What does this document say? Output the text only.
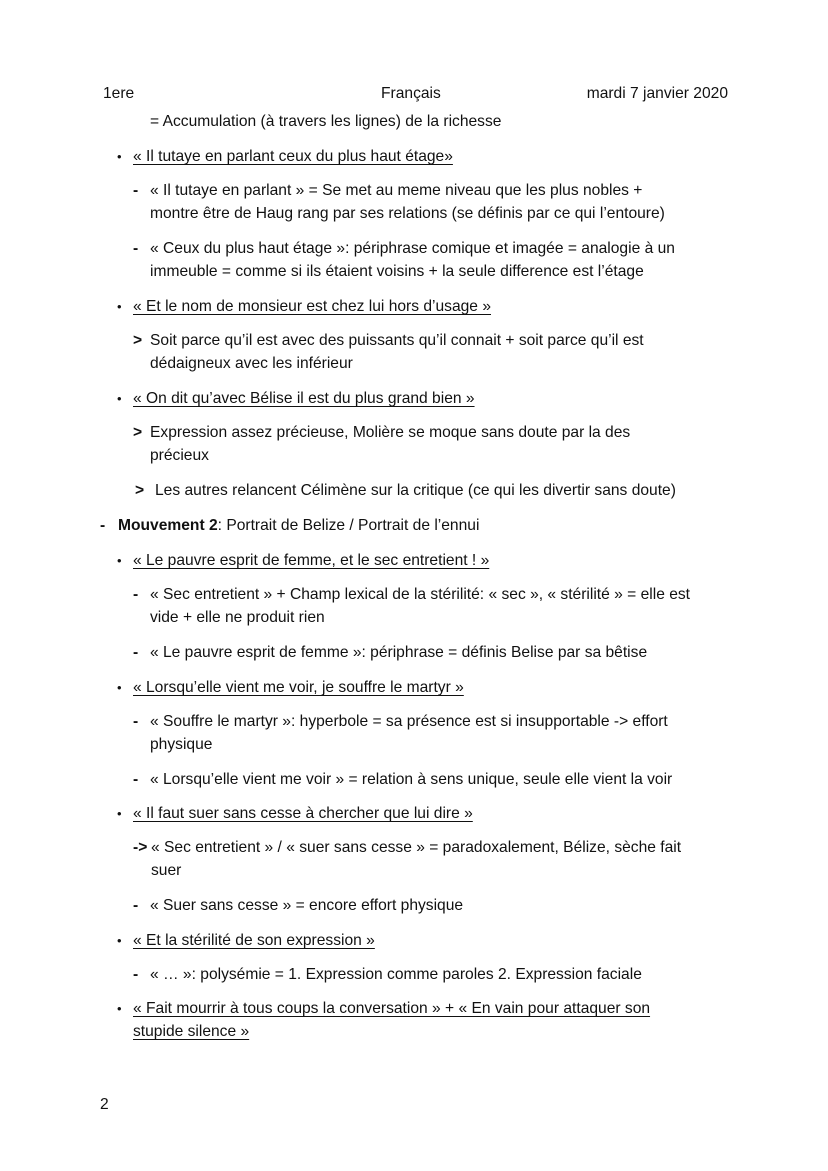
1ere	Français	mardi 7 janvier 2020
= Accumulation (à travers les lignes) de la richesse
• « Il tutaye en parlant ceux du plus haut étage»
- « Il tutaye en parlant » = Se met au meme niveau que les plus nobles +
montre être de Haug rang par ses relations (se définis par ce qui l’entoure)
- « Ceux du plus haut étage »: périphrase comique et imagée = analogie à un
immeuble = comme si ils étaient voisins + la seule difference est l’étage
• « Et le nom de monsieur est chez lui hors d’usage »
> Soit parce qu’il est avec des puissants qu’il connait + soit parce qu’il est
dédaigneux avec les inférieur
• « On dit qu’avec Bélise il est du plus grand bien »
> Expression assez précieuse, Molière se moque sans doute par la des
précieux
> Les autres relancent Célimène sur la critique (ce qui les divertir sans doute)
- Mouvement 2: Portrait de Belize / Portrait de l’ennui
• « Le pauvre esprit de femme, et le sec entretient ! »
- « Sec entretient » + Champ lexical de la stérilité: « sec », « stérilité » = elle est
vide + elle ne produit rien
- « Le pauvre esprit de femme »: périphrase = définis Belise par sa bêtise
• « Lorsqu’elle vient me voir, je souffre le martyr »
- « Souffre le martyr »: hyperbole = sa présence est si insupportable -> effort
physique
- « Lorsqu’elle vient me voir » = relation à sens unique, seule elle vient la voir
• « Il faut suer sans cesse à chercher que lui dire »
-> « Sec entretient » / « suer sans cesse » = paradoxalement, Bélize, sèche fait
suer
- « Suer sans cesse » = encore effort physique
• « Et la stérilité de son expression »
- « … »: polysémie = 1. Expression comme paroles 2. Expression faciale
• « Fait mourrir à tous coups la conversation » + « En vain pour attaquer son
stupide silence »
2
